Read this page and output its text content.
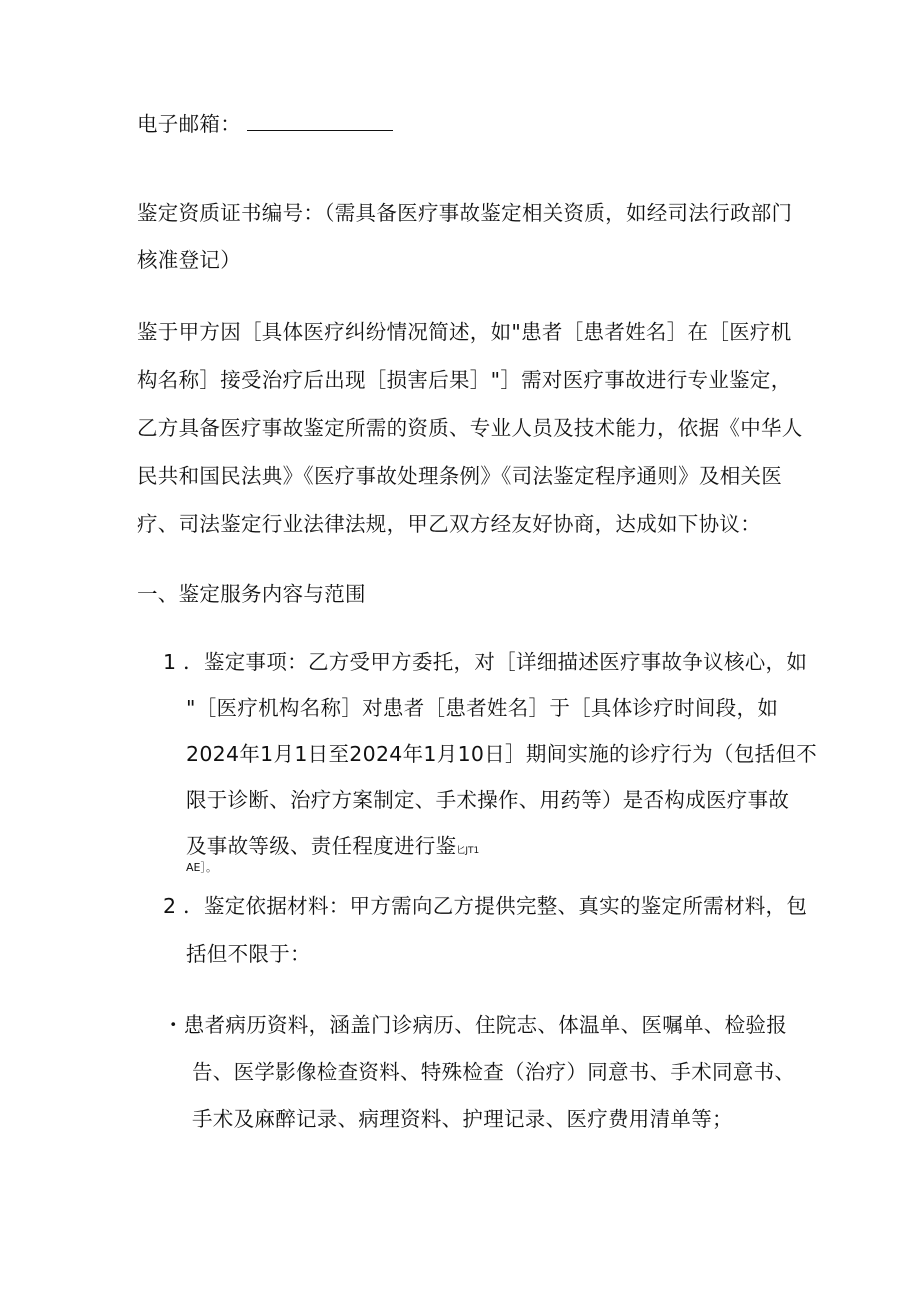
电子邮箱：
鉴定资质证书编号：（需具备医疗事故鉴定相关资质，如经司法行政部门
核准登记）
鉴于甲方因［具体医疗纠纷情况简述，如"患者［患者姓名］在［医疗机
构名称］接受治疗后出现［损害后果］"］需对医疗事故进行专业鉴定，
乙方具备医疗事故鉴定所需的资质、专业人员及技术能力，依据《中华人
民共和国民法典》《医疗事故处理条例》《司法鉴定程序通则》及相关医
疗、司法鉴定行业法律法规，甲乙双方经友好协商，达成如下协议：
一、鉴定服务内容与范围
1 ．鉴定事项：乙方受甲方委托，对［详细描述医疗事故争议核心，如
"［医疗机构名称］对患者［患者姓名］于［具体诊疗时间段，如
2024年1月1日至2024年1月10日］期间实施的诊疗行为（包括但不
限于诊断、治疗方案制定、手术操作、用药等）是否构成医疗事故
及事故等级、责任程度进行鉴匕JT1
AE］。
2 ．鉴定依据材料：甲方需向乙方提供完整、真实的鉴定所需材料，包
括但不限于：
・患者病历资料，涵盖门诊病历、住院志、体温单、医嘱单、检验报
告、医学影像检查资料、特殊检查（治疗）同意书、手术同意书、
手术及麻醉记录、病理资料、护理记录、医疗费用清单等；
